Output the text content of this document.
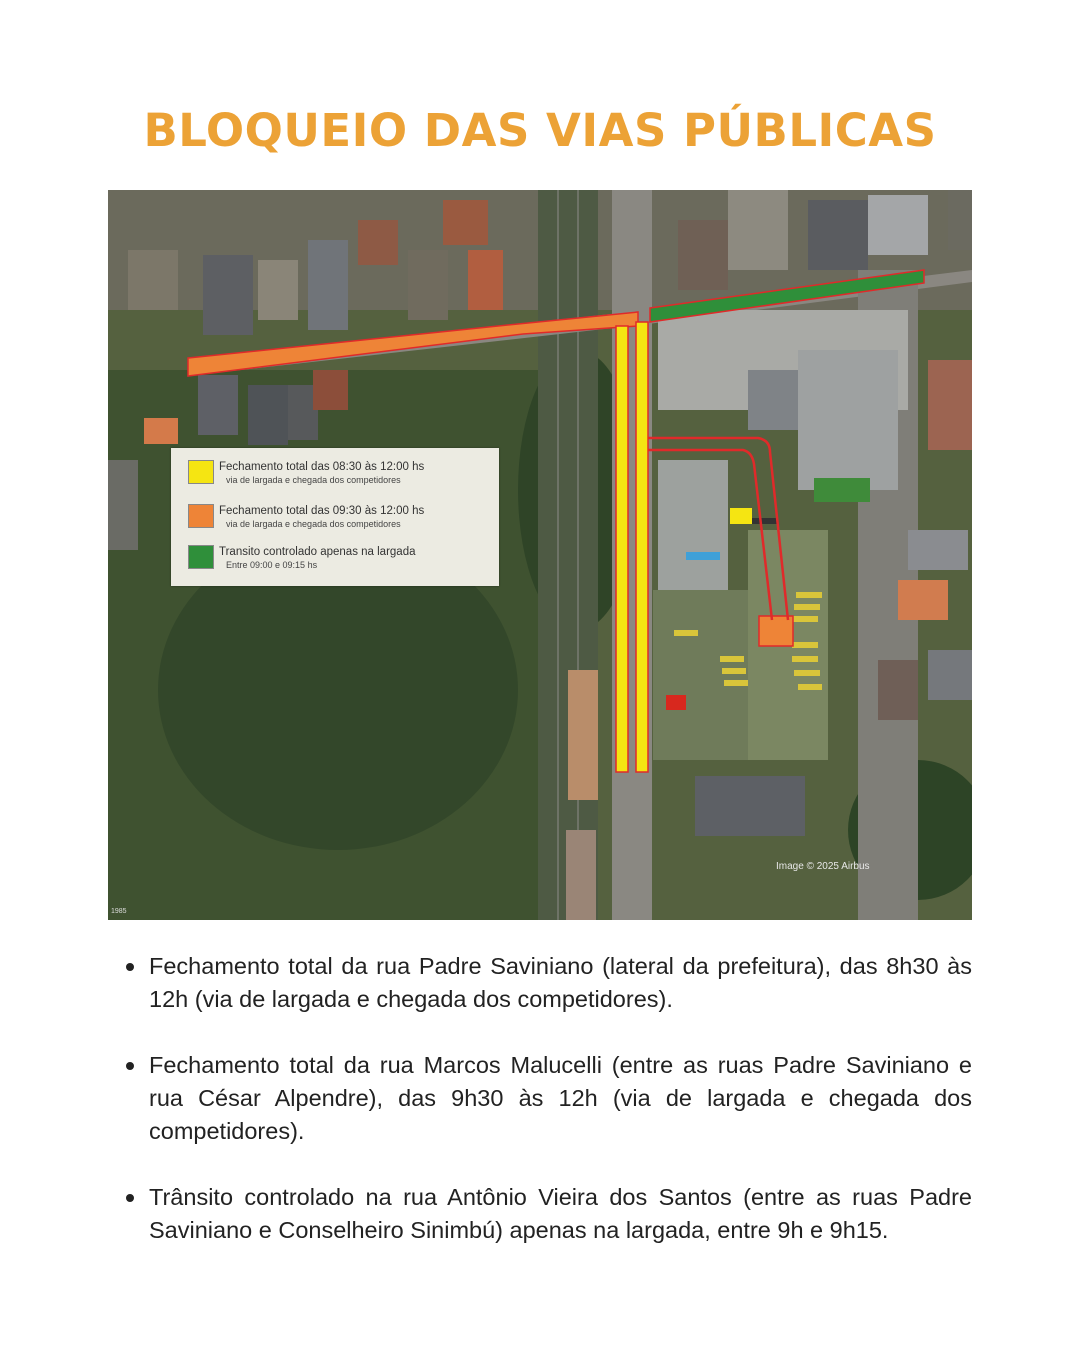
BLOQUEIO DAS VIAS PÚBLICAS
Fechamento total das 08:30 às 12:00 hs
via de largada e chegada dos competidores
Fechamento total das 09:30 às 12:00 hs
via de largada e chegada dos competidores
Transito controlado apenas na largada
Entre 09:00 e 09:15 hs
Image © 2025 Airbus
1985
Fechamento total da rua Padre Saviniano (lateral da prefeitura), das 8h30 às 12h (via de largada e chegada dos competidores).
Fechamento total da rua Marcos Malucelli (entre as ruas Padre Saviniano e rua César Alpendre), das 9h30 às 12h (via de largada e chegada dos competidores).
Trânsito controlado na rua Antônio Vieira dos Santos (entre as ruas Padre Saviniano e Conselheiro Sinimbú) apenas na largada, entre 9h e 9h15.
